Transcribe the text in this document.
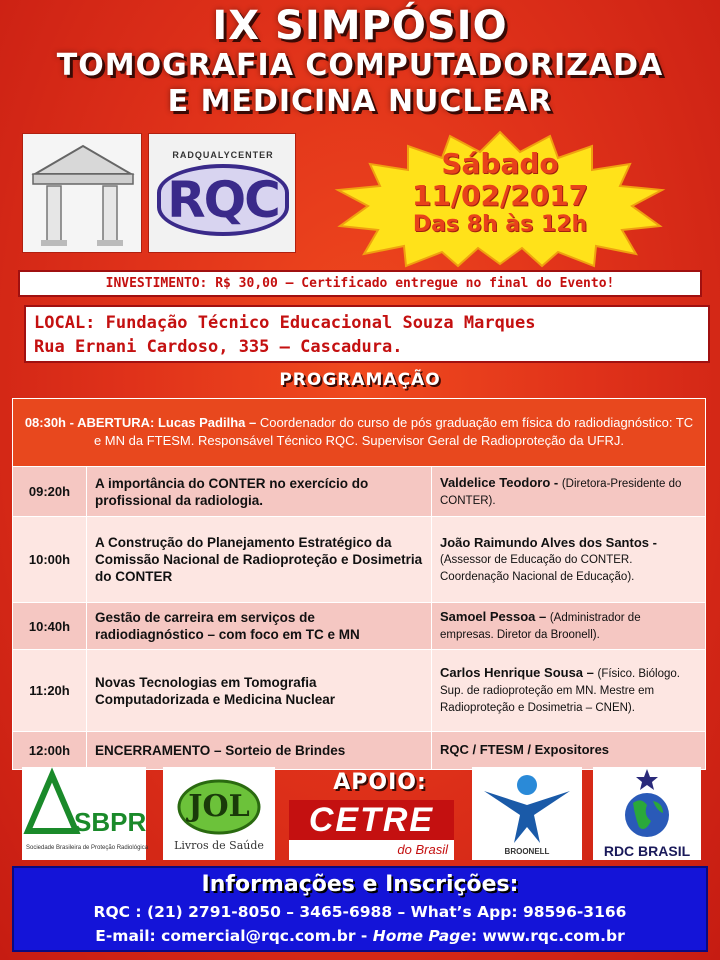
IX SIMPÓSIO
TOMOGRAFIA COMPUTADORIZADA
E MEDICINA NUCLEAR
RADQUALYCENTER
RQC
Sábado
11/02/2017
Das 8h às 12h
INVESTIMENTO: R$ 30,00 – Certificado entregue no final do Evento!
LOCAL: Fundação Técnico Educacional Souza Marques
Rua Ernani Cardoso, 335 – Cascadura.
PROGRAMAÇÃO
08:30h - ABERTURA: Lucas Padilha – Coordenador do curso de pós graduação em física do radiodiagnóstico: TC e MN da FTESM. Responsável Técnico RQC. Supervisor Geral de Radioproteção da UFRJ.		
09:20h	A importância do CONTER no exercício do profissional da radiologia.	Valdelice Teodoro - (Diretora-Presidente do CONTER).
10:00h	A Construção do Planejamento Estratégico da Comissão Nacional de Radioproteção e Dosimetria do CONTER	João Raimundo Alves dos Santos - (Assessor de Educação do CONTER. Coordenação Nacional de Educação).
10:40h	Gestão de carreira em serviços de radiodiagnóstico – com foco em TC e MN	Samoel Pessoa – (Administrador de empresas. Diretor da Broonell).
11:20h	Novas Tecnologias em Tomografia Computadorizada e Medicina Nuclear	Carlos Henrique Sousa – (Físico. Biólogo. Sup. de radioproteção em MN. Mestre em Radioproteção e Dosimetria – CNEN).
12:00h	ENCERRAMENTO – Sorteio de Brindes	RQC / FTESM / Expositores
APOIO:
SBPR
Sociedade Brasileira de Proteção Radiológica
JOL
Livros de Saúde
CETRE
do Brasil	BROONELL	RDC BRASIL
Informações e Inscrições:
RQC : (21) 2791-8050 – 3465-6988 – What’s App: 98596-3166
E-mail: comercial@rqc.com.br - Home Page: www.rqc.com.br
